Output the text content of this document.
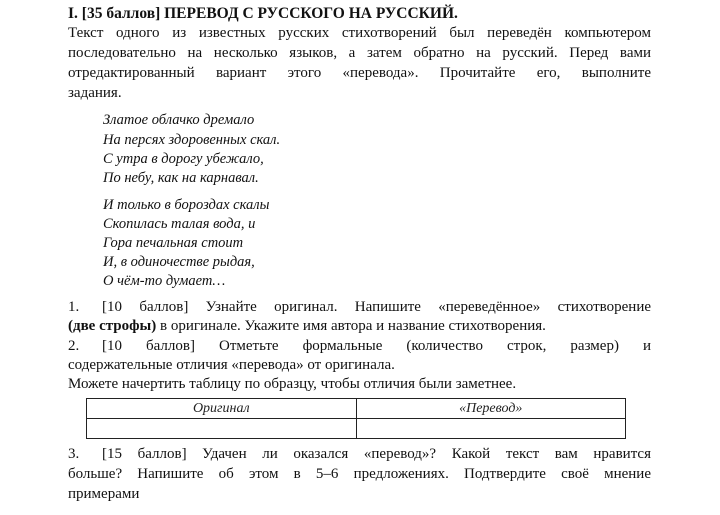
I. [35 баллов] ПЕРЕВОД С РУССКОГО НА РУССКИЙ.
Текст одного из известных русских стихотворений был переведён компьютером
последовательно на несколько языков, а затем обратно на русский. Перед вами
отредактированный вариант этого «перевода». Прочитайте его, выполните
задания.
Златое облачко дремало
На персях здоровенных скал.
С утра в дорогу убежало,
По небу, как на карнавал.
И только в бороздах скалы
Скопилась талая вода, и
Гора печальная стоит
И, в одиночестве рыдая,
О чём-то думает…
1. [10 баллов] Узнайте оригинал. Напишите «переведённое» стихотворение
(две строфы) в оригинале. Укажите имя автора и название стихотворения.
2. [10 баллов] Отметьте формальные (количество строк, размер) и
содержательные отличия «перевода» от оригинала.
Можете начертить таблицу по образцу, чтобы отличия были заметнее.
Оригинал	«Перевод»

3. [15 баллов] Удачен ли оказался «перевод»? Какой текст вам нравится
больше? Напишите об этом в 5–6 предложениях. Подтвердите своё мнение
примерами
